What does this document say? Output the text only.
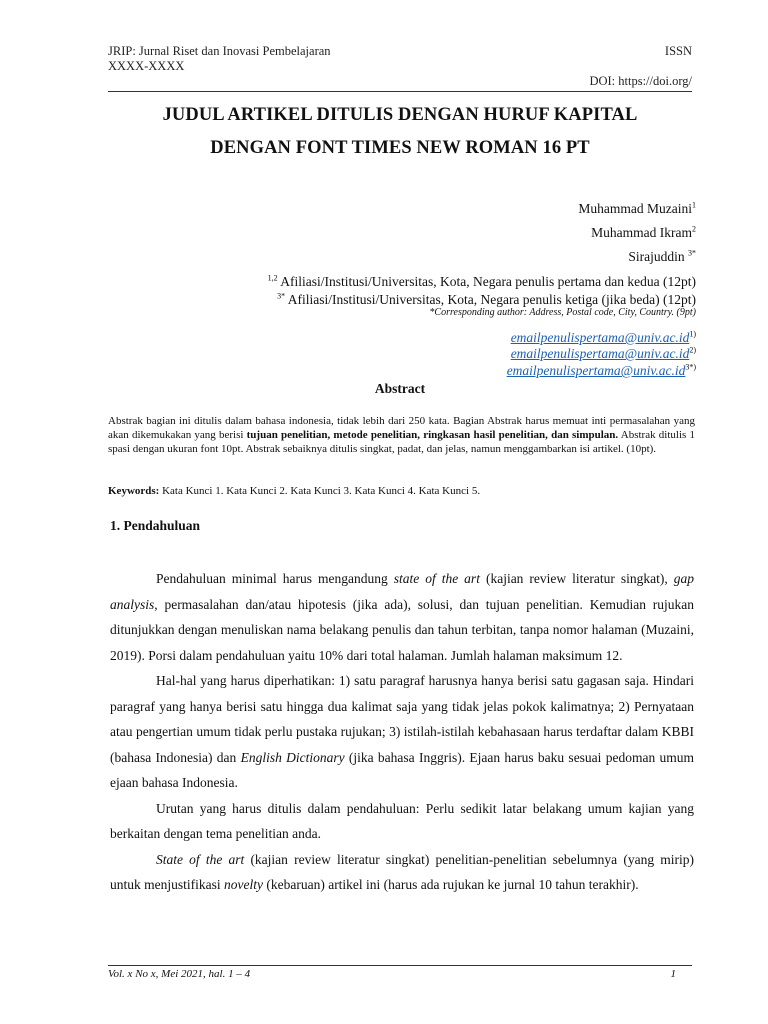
JRIP: Jurnal Riset dan Inovasi Pembelajaran
XXXX-XXXX
ISSN
DOI: https://doi.org/
JUDUL ARTIKEL DITULIS DENGAN HURUF KAPITAL
DENGAN FONT TIMES NEW ROMAN 16 PT
Muhammad Muzaini$^1$
Muhammad Ikram$^2$
Sirajuddin $^{3*}$
$^{1,2}$ Afiliasi/Institusi/Universitas, Kota, Negara penulis pertama dan kedua (12pt)
$^{3*}$ Afiliasi/Institusi/Universitas, Kota, Negara penulis ketiga (jika beda) (12pt)
*Corresponding author: Address, Postal code, City, Country. (9pt)
$emailpenulispertama@univ.ac.id^{1)}$
$emailpenulispertama@univ.ac.id^{2)}$
$emailpenulispertama@univ.ac.id^{3*)}$
Abstract
Abstrak bagian ini ditulis dalam bahasa indonesia, tidak lebih dari 250 kata. Bagian Abstrak harus memuat inti permasalahan yang akan dikemukakan yang berisi tujuan penelitian, metode penelitian, ringkasan hasil penelitian, dan simpulan. Abstrak ditulis 1 spasi dengan ukuran font 10pt. Abstrak sebaiknya ditulis singkat, padat, dan jelas, namun menggambarkan isi artikel. (10pt).
Keywords: Kata Kunci 1. Kata Kunci 2. Kata Kunci 3. Kata Kunci 4. Kata Kunci 5.
1. Pendahuluan

Pendahuluan minimal harus mengandung state of the art (kajian review literatur singkat), gap analysis, permasalahan dan/atau hipotesis (jika ada), solusi, dan tujuan penelitian. Kemudian rujukan ditunjukkan dengan menuliskan nama belakang penulis dan tahun terbitan, tanpa nomor halaman (Muzaini, 2019). Porsi dalam pendahuluan yaitu 10% dari total halaman. Jumlah halaman maksimum 12.

Hal-hal yang harus diperhatikan: 1) satu paragraf harusnya hanya berisi satu gagasan saja. Hindari paragraf yang hanya berisi satu hingga dua kalimat saja yang tidak jelas pokok kalimatnya; 2) Pernyataan atau pengertian umum tidak perlu pustaka rujukan; 3) istilah-istilah kebahasaan harus terdaftar dalam KBBI (bahasa Indonesia) dan English Dictionary (jika bahasa Inggris). Ejaan harus baku sesuai pedoman umum ejaan bahasa Indonesia.

Urutan yang harus ditulis dalam pendahuluan: Perlu sedikit latar belakang umum kajian yang berkaitan dengan tema penelitian anda.

State of the art (kajian review literatur singkat) penelitian-penelitian sebelumnya (yang mirip) untuk menjustifikasi novelty (kebaruan) artikel ini (harus ada rujukan ke jurnal 10 tahun terakhir).

Vol. x No x, Mei 2021, hal. 1 – 4	1
